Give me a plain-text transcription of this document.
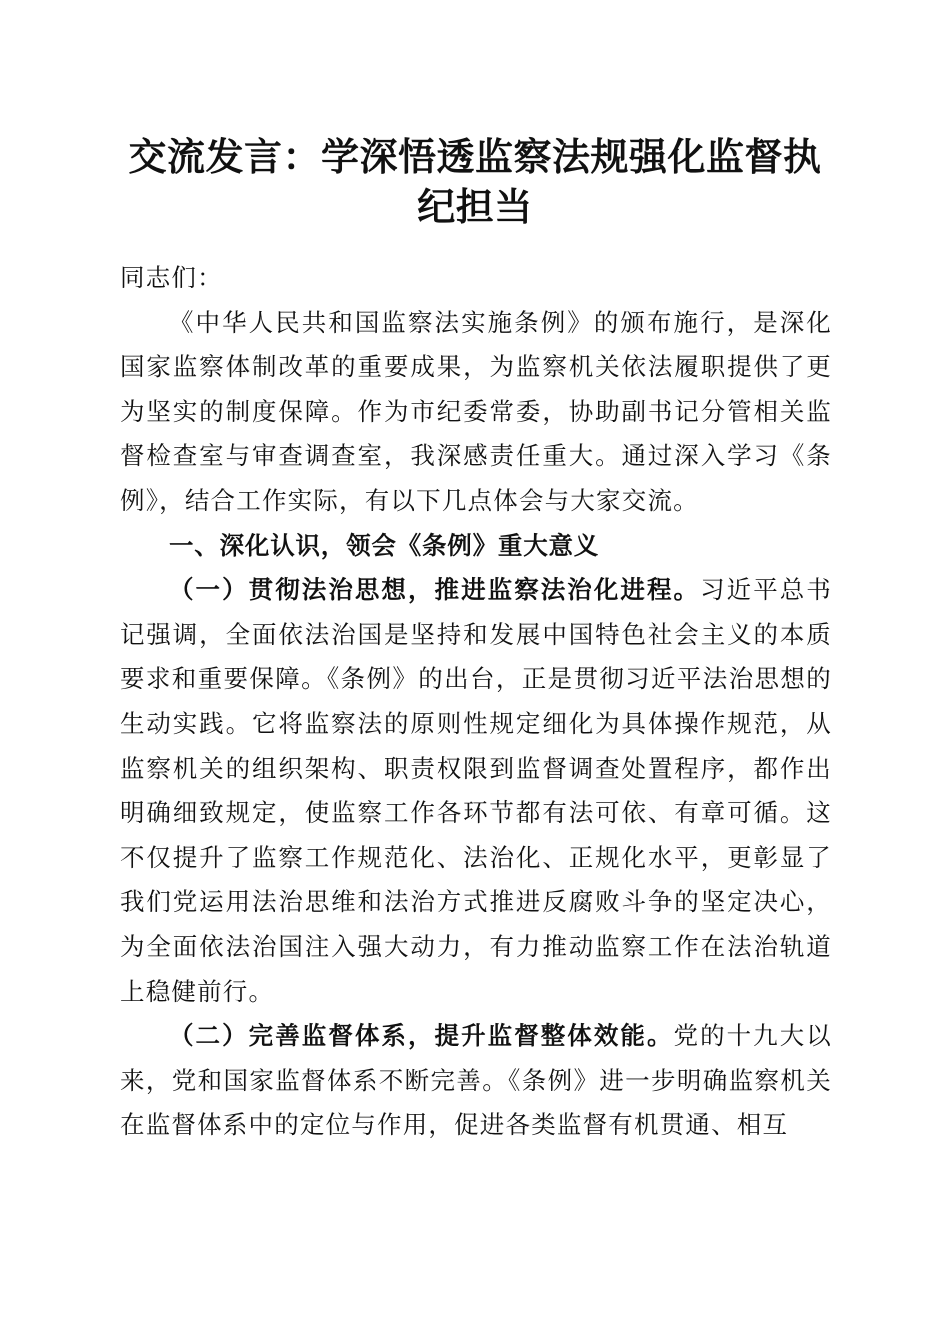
交流发言：学深悟透监察法规强化监督执纪担当

同志们：

《中华人民共和国监察法实施条例》的颁布施行，是深化国家监察体制改革的重要成果，为监察机关依法履职提供了更为坚实的制度保障。作为市纪委常委，协助副书记分管相关监督检查室与审查调查室，我深感责任重大。通过深入学习《条例》，结合工作实际，有以下几点体会与大家交流。

一、深化认识，领会《条例》重大意义

（一）贯彻法治思想，推进监察法治化进程。习近平总书记强调，全面依法治国是坚持和发展中国特色社会主义的本质要求和重要保障。《条例》的出台，正是贯彻习近平法治思想的生动实践。它将监察法的原则性规定细化为具体操作规范，从监察机关的组织架构、职责权限到监督调查处置程序，都作出明确细致规定，使监察工作各环节都有法可依、有章可循。这不仅提升了监察工作规范化、法治化、正规化水平，更彰显了我们党运用法治思维和法治方式推进反腐败斗争的坚定决心，为全面依法治国注入强大动力，有力推动监察工作在法治轨道上稳健前行。

（二）完善监督体系，提升监督整体效能。党的十九大以来，党和国家监督体系不断完善。《条例》进一步明确监察机关在监督体系中的定位与作用，促进各类监督有机贯通、相互
